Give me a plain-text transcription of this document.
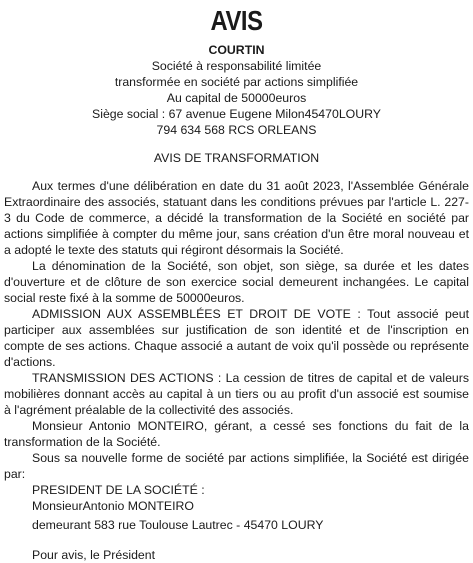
AVIS
COURTIN
Société à responsabilité limitée
transformée en société par actions simplifiée
Au capital de 50000euros
Siège social : 67 avenue Eugene Milon45470LOURY
794 634 568 RCS ORLEANS
AVIS DE TRANSFORMATION

Aux termes d'une délibération en date du 31 août 2023, l'Assemblée Générale Extraordinaire des associés, statuant dans les conditions prévues par l'article L. 227-3 du Code de commerce, a décidé la transformation de la Société en société par actions simplifiée à compter du même jour, sans création d'un être moral nouveau et a adopté le texte des statuts qui régiront désormais la Société.

La dénomination de la Société, son objet, son siège, sa durée et les dates d'ouverture et de clôture de son exercice social demeurent inchangées. Le capital social reste fixé à la somme de 50000euros.

ADMISSION AUX ASSEMBLÉES ET DROIT DE VOTE : Tout associé peut participer aux assemblées sur justification de son identité et de l'inscription en compte de ses actions. Chaque associé a autant de voix qu'il possède ou représente d'actions.

TRANSMISSION DES ACTIONS : La cession de titres de capital et de valeurs mobilières donnant accès au capital à un tiers ou au profit d'un associé est soumise à l'agrément préalable de la collectivité des associés.

Monsieur Antonio MONTEIRO, gérant, a cessé ses fonctions du fait de la transformation de la Société.

Sous sa nouvelle forme de société par actions simplifiée, la Société est dirigée par:

PRESIDENT DE LA SOCIÉTÉ :
MonsieurAntonio MONTEIRO
demeurant 583 rue Toulouse Lautrec - 45470 LOURY
Pour avis, le Président
